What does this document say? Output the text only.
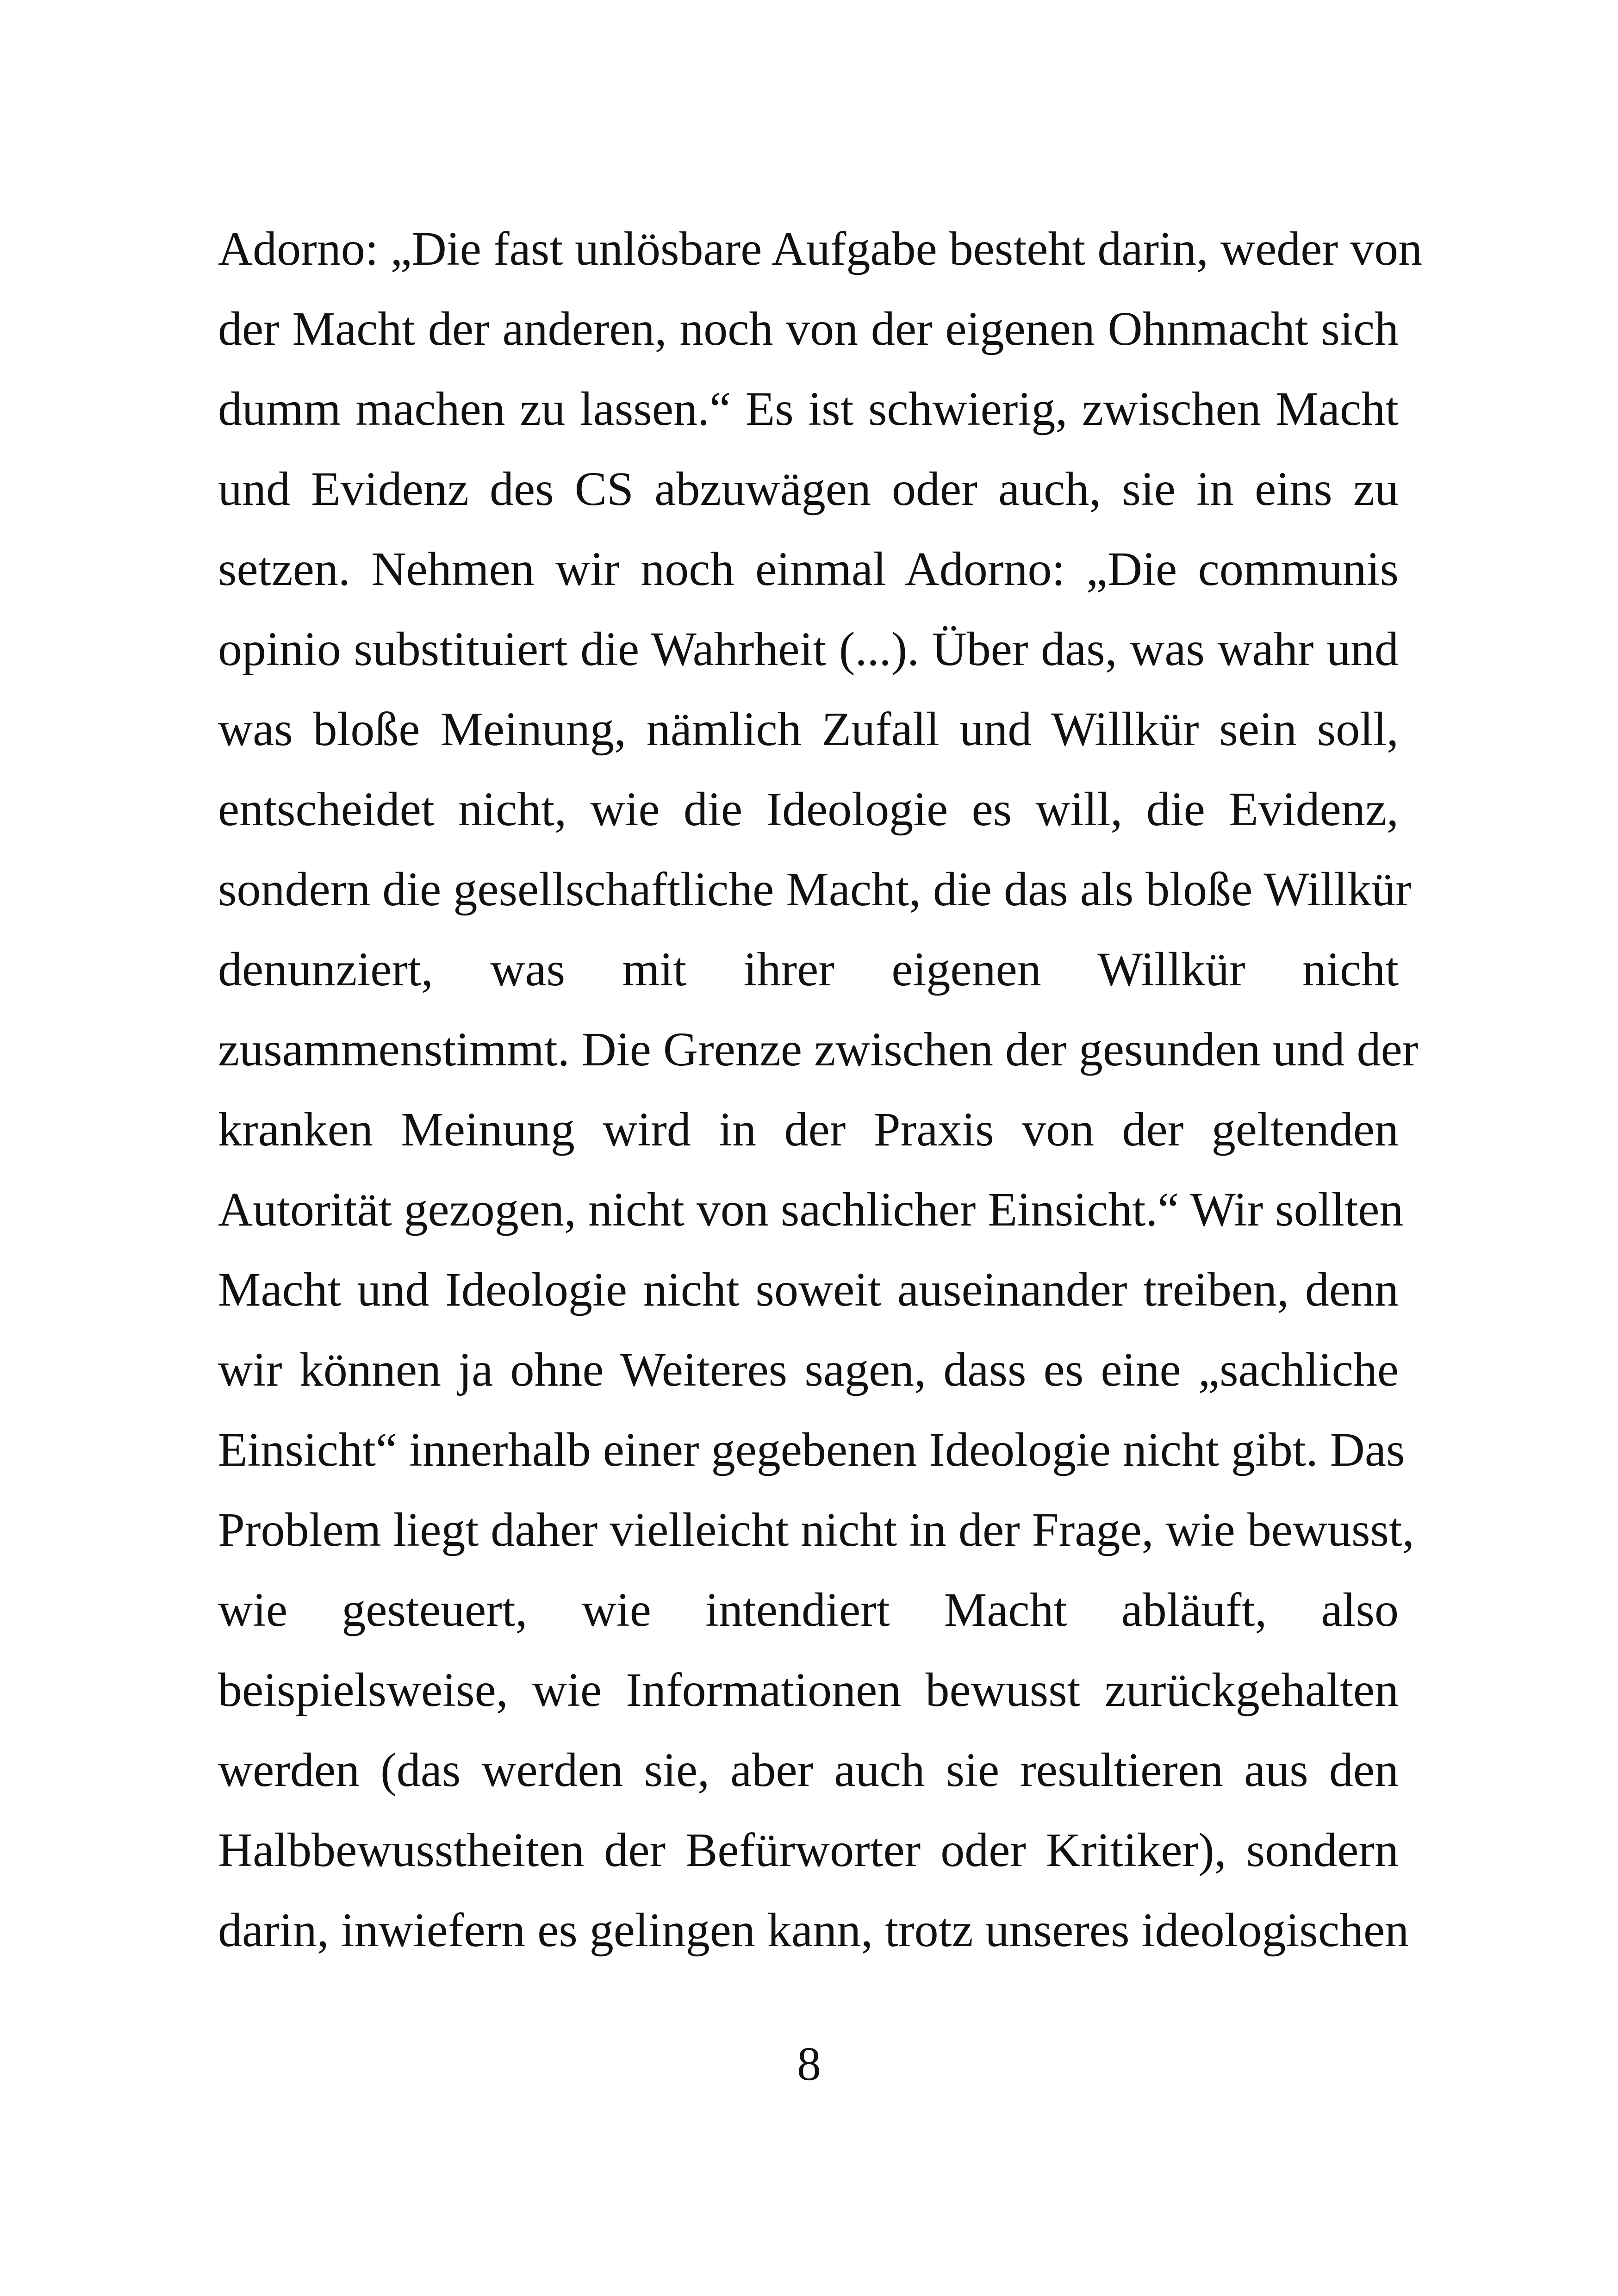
Adorno: „Die fast unlösbare Aufgabe besteht darin, weder von
der Macht der anderen, noch von der eigenen Ohnmacht sich
dumm machen zu lassen.“ Es ist schwierig, zwischen Macht
und Evidenz des CS abzuwägen oder auch, sie in eins zu
setzen. Nehmen wir noch einmal Adorno: „Die communis
opinio substituiert die Wahrheit (...). Über das, was wahr und
was bloße Meinung, nämlich Zufall und Willkür sein soll,
entscheidet nicht, wie die Ideologie es will, die Evidenz,
sondern die gesellschaftliche Macht, die das als bloße Willkür
denunziert, was mit ihrer eigenen Willkür nicht
zusammenstimmt. Die Grenze zwischen der gesunden und der
kranken Meinung wird in der Praxis von der geltenden
Autorität gezogen, nicht von sachlicher Einsicht.“ Wir sollten
Macht und Ideologie nicht soweit auseinander treiben, denn
wir können ja ohne Weiteres sagen, dass es eine „sachliche
Einsicht“ innerhalb einer gegebenen Ideologie nicht gibt. Das
Problem liegt daher vielleicht nicht in der Frage, wie bewusst,
wie gesteuert, wie intendiert Macht abläuft, also
beispielsweise, wie Informationen bewusst zurückgehalten
werden (das werden sie, aber auch sie resultieren aus den
Halbbewusstheiten der Befürworter oder Kritiker), sondern
darin, inwiefern es gelingen kann, trotz unseres ideologischen
8
